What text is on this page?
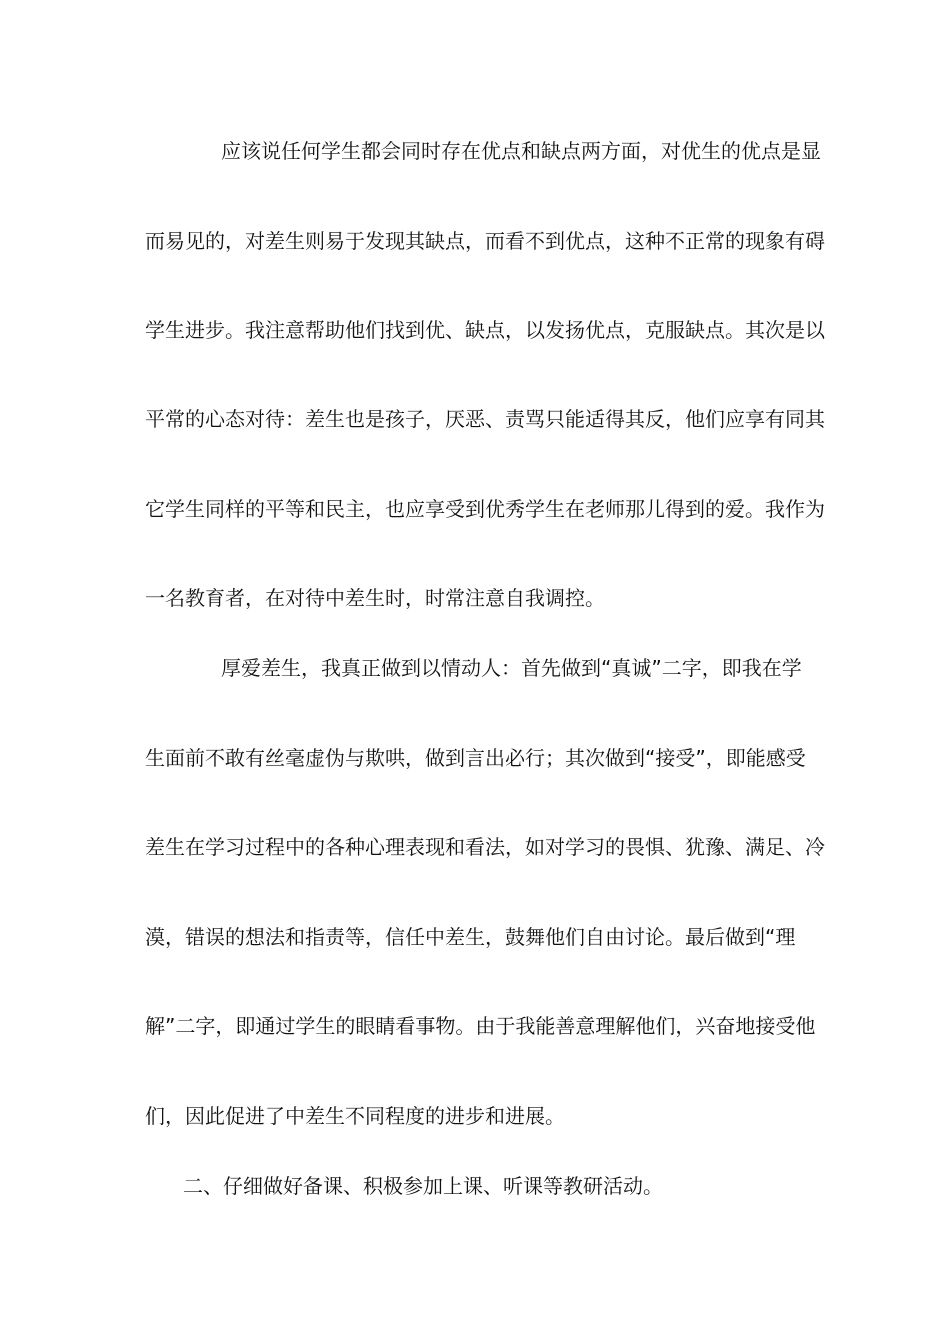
应该说任何学生都会同时存在优点和缺点两方面，对优生的优点是显
而易见的，对差生则易于发现其缺点，而看不到优点，这种不正常的现象有碍
学生进步。我注意帮助他们找到优、缺点，以发扬优点，克服缺点。其次是以
平常的心态对待：差生也是孩子，厌恶、责骂只能适得其反，他们应享有同其
它学生同样的平等和民主，也应享受到优秀学生在老师那儿得到的爱。我作为
一名教育者，在对待中差生时，时常注意自我调控。
厚爱差生，我真正做到以情动人：首先做到“真诚”二字，即我在学
生面前不敢有丝毫虚伪与欺哄，做到言出必行；其次做到“接受”，即能感受
差生在学习过程中的各种心理表现和看法，如对学习的畏惧、犹豫、满足、冷
漠，错误的想法和指责等，信任中差生，鼓舞他们自由讨论。最后做到“理
解”二字，即通过学生的眼睛看事物。由于我能善意理解他们，兴奋地接受他
们，因此促进了中差生不同程度的进步和进展。
二、仔细做好备课、积极参加上课、听课等教研活动。
